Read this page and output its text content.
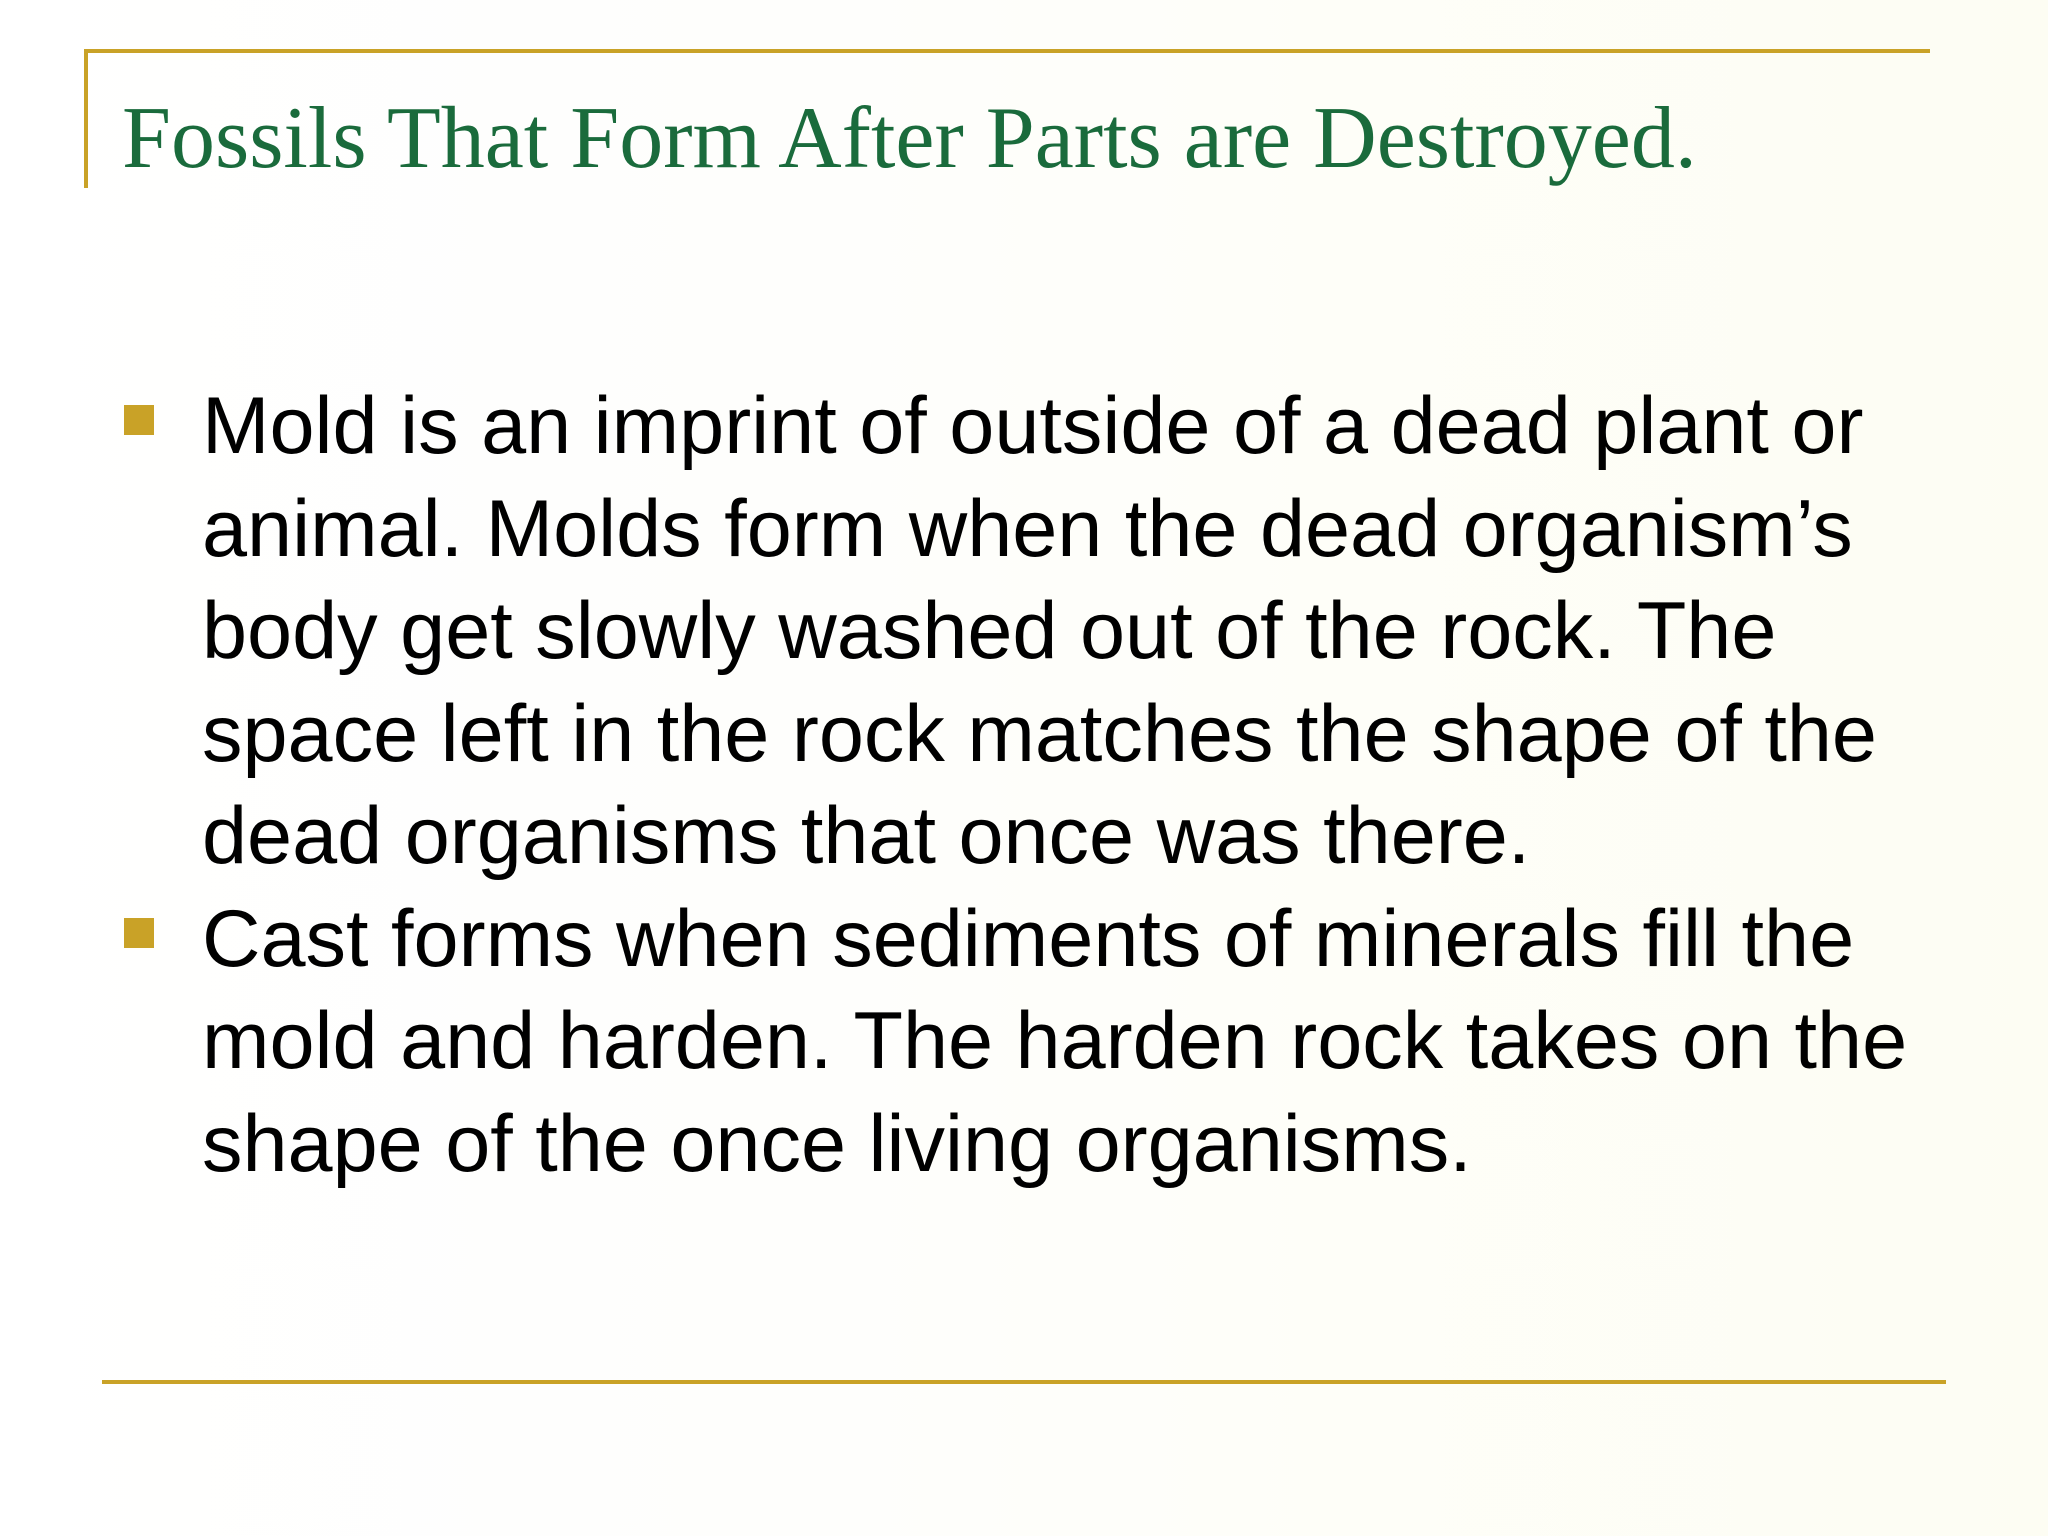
Fossils That Form After Parts are Destroyed.
Mold is an imprint of outside of a dead plant or animal. Molds form when the dead organism’s body get slowly washed out of the rock. The space left in the rock matches the shape of the dead organisms that once was there.
Cast forms when sediments of minerals fill the mold and harden. The harden rock takes on the shape of the once living organisms.
